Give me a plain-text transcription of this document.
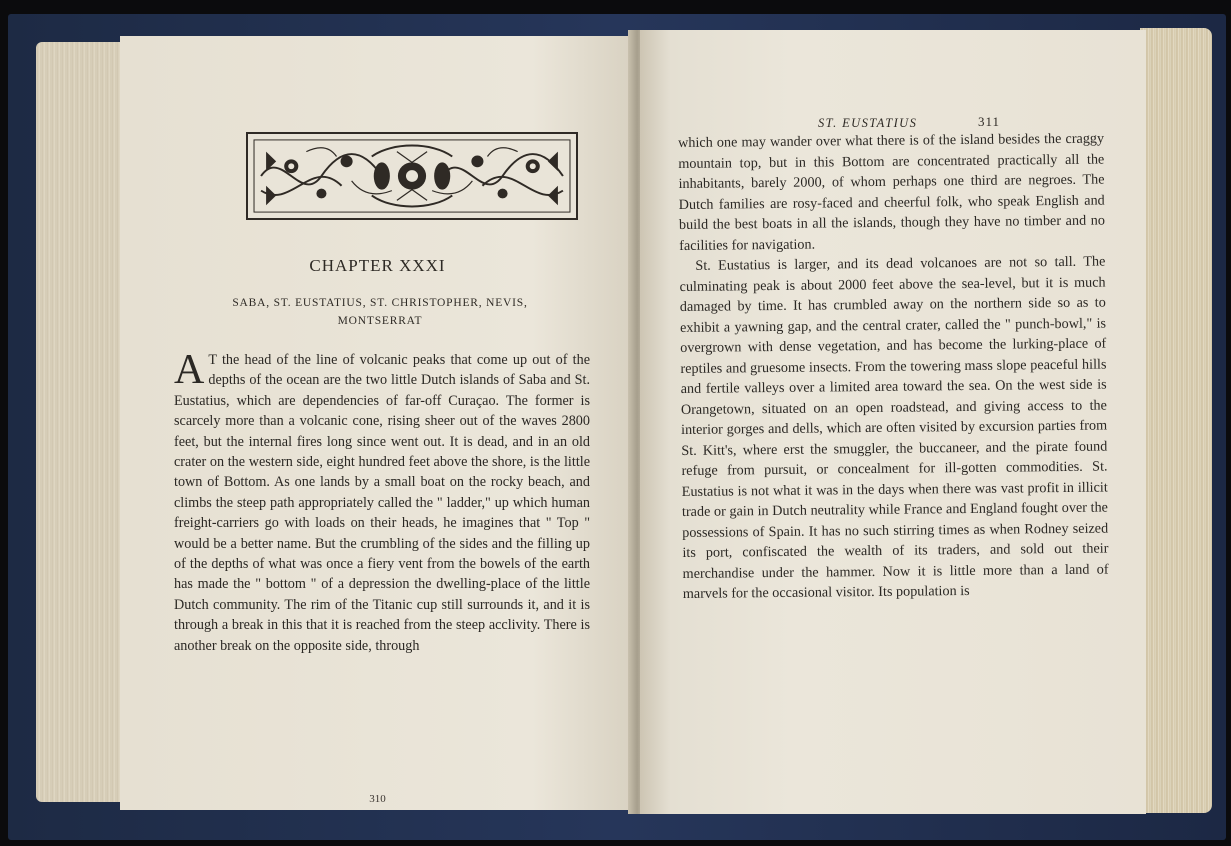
CHAPTER XXXI
SABA, ST. EUSTATIUS, ST. CHRISTOPHER, NEVIS,
MONTSERRAT
A T the head of the line of volcanic peaks that come up out of the depths of the ocean are the two little Dutch islands of Saba and St. Eustatius, which are dependencies of far-off Curaçao. The former is scarcely more than a volcanic cone, rising sheer out of the waves 2800 feet, but the internal fires long since went out. It is dead, and in an old crater on the western side, eight hundred feet above the shore, is the little town of Bottom. As one lands by a small boat on the rocky beach, and climbs the steep path appropriately called the " ladder," up which human freight-carriers go with loads on their heads, he imagines that " Top " would be a better name. But the crumbling of the sides and the filling up of the depths of what was once a fiery vent from the bowels of the earth has made the " bottom " of a depression the dwelling-place of the little Dutch community. The rim of the Titanic cup still surrounds it, and it is through a break in this that it is reached from the steep acclivity. There is another break on the opposite side, through

310
ST. EUSTATIUS	311

which one may wander over what there is of the island besides the craggy mountain top, but in this Bottom are concentrated practically all the inhabitants, barely 2000, of whom perhaps one third are negroes. The Dutch families are rosy-faced and cheerful folk, who speak English and build the best boats in all the islands, though they have no timber and no facilities for navigation.

St. Eustatius is larger, and its dead volcanoes are not so tall. The culminating peak is about 2000 feet above the sea-level, but it is much damaged by time. It has crumbled away on the northern side so as to exhibit a yawning gap, and the central crater, called the " punch-bowl," is overgrown with dense vegetation, and has become the lurking-place of reptiles and gruesome insects. From the towering mass slope peaceful hills and fertile valleys over a limited area toward the sea. On the west side is Orangetown, situated on an open roadstead, and giving access to the interior gorges and dells, which are often visited by excursion parties from St. Kitt's, where erst the smuggler, the buccaneer, and the pirate found refuge from pursuit, or concealment for ill-gotten commodities. St. Eustatius is not what it was in the days when there was vast profit in illicit trade or gain in Dutch neutrality while France and England fought over the possessions of Spain. It has no such stirring times as when Rodney seized its port, confiscated the wealth of its traders, and sold out their merchandise under the hammer. Now it is little more than a land of marvels for the occasional visitor. Its population is
